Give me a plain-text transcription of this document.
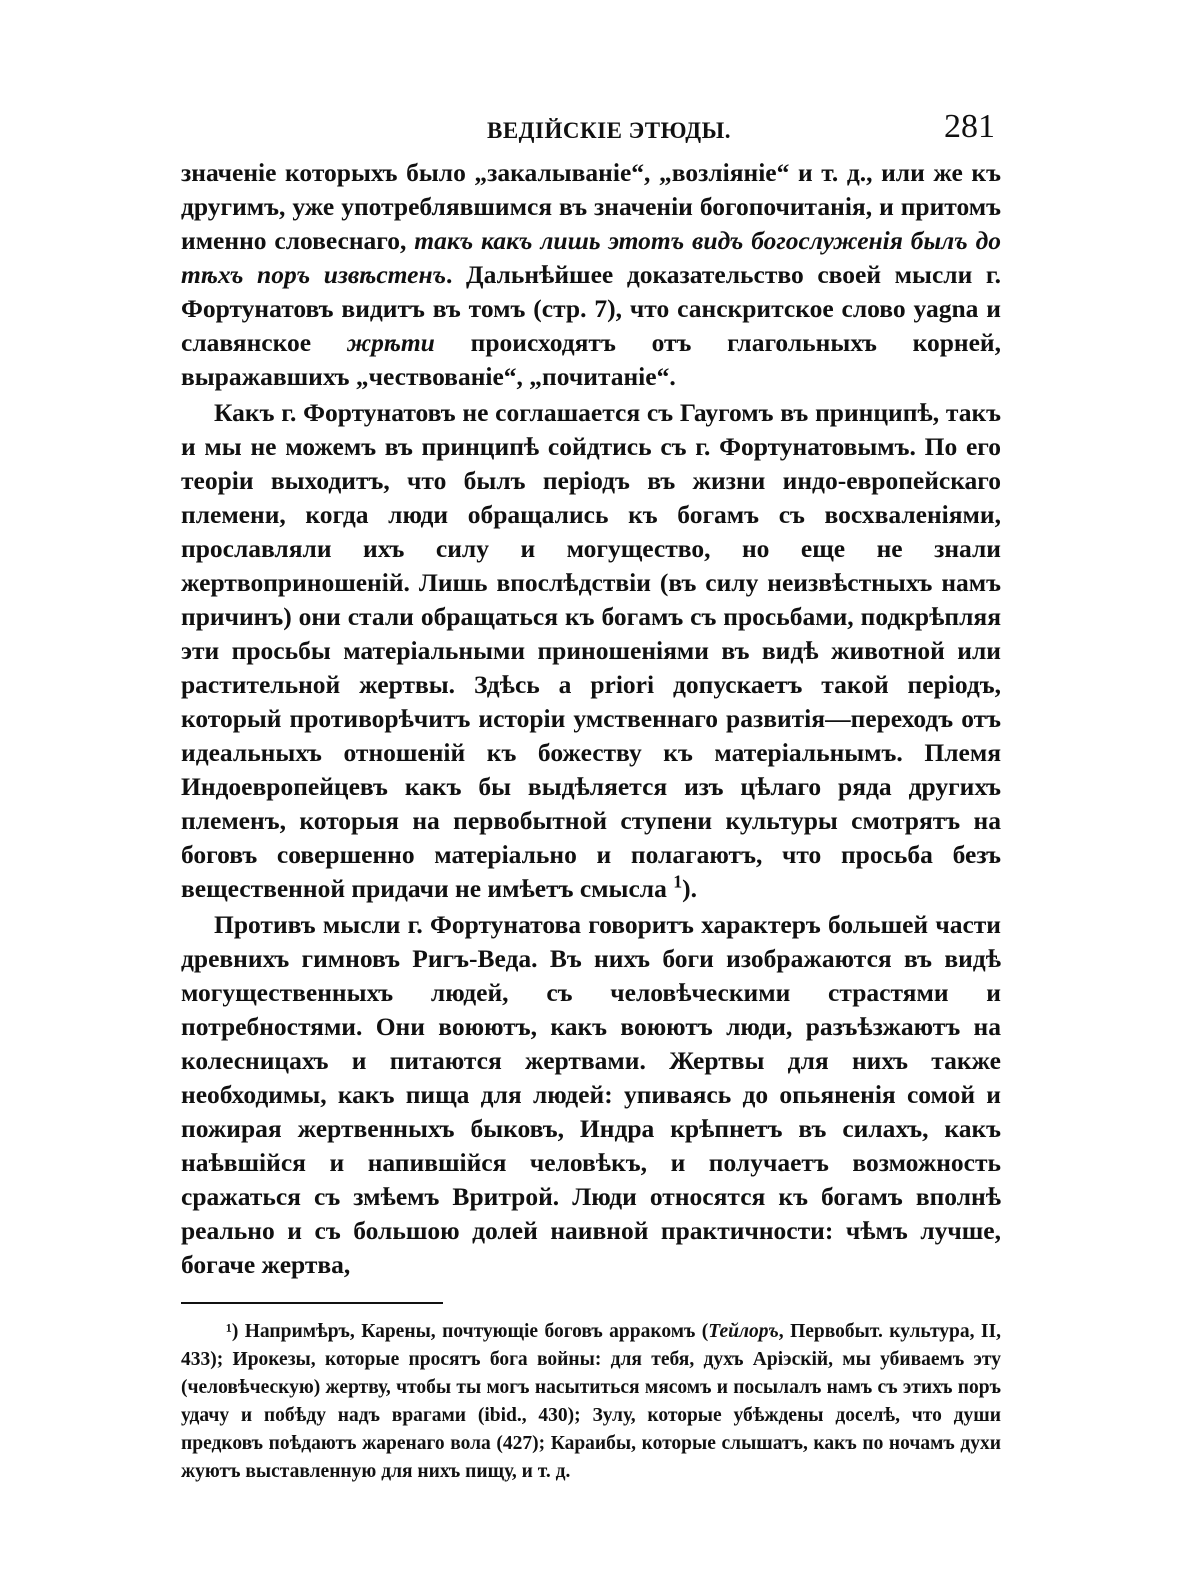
ВЕДІЙСКІЕ ЭТЮДЫ.	281

значеніе которыхъ было „закалываніе“, „возліяніе“ и т. д., или же къ другимъ, уже употреблявшимся въ значеніи богопочитанія, и притомъ именно словеснаго, такъ какъ лишь этотъ видъ богослуженія былъ до тѣхъ поръ извѣстенъ. Дальнѣйшее доказательство своей мысли г. Фортунатовъ видитъ въ томъ (стр. 7), что санскритское слово уаgna и славянское жрѣти происходятъ отъ глагольныхъ корней, выражавшихъ „чествованіе“, „почитаніе“.

Какъ г. Фортунатовъ не соглашается съ Гаугомъ въ принципѣ, такъ и мы не можемъ въ принципѣ сойдтись съ г. Фортунатовымъ. По его теоріи выходитъ, что былъ періодъ въ жизни индо-европейскаго племени, когда люди обращались къ богамъ съ восхваленіями, прославляли ихъ силу и могущество, но еще не знали жертвоприношеній. Лишь впослѣдствіи (въ силу неизвѣстныхъ намъ причинъ) они стали обращаться къ богамъ съ просьбами, подкрѣпляя эти просьбы матеріальными приношеніями въ видѣ животной или растительной жертвы. Здѣсь a priori допускаетъ такой періодъ, который противорѣчитъ исторіи умственнаго развитія—переходъ отъ идеальныхъ отношеній къ божеству къ матеріальнымъ. Племя Индоевропейцевъ какъ бы выдѣляется изъ цѣлаго ряда другихъ племенъ, которыя на первобытной ступени культуры смотрятъ на боговъ совершенно матеріально и полагаютъ, что просьба безъ вещественной придачи не имѣетъ смысла $^1$).

Противъ мысли г. Фортунатова говоритъ характеръ большей части древнихъ гимновъ Ригъ-Веда. Въ нихъ боги изображаются въ видѣ могущественныхъ людей, съ человѣческими страстями и потребностями. Они воюютъ, какъ воюютъ люди, разъѣзжаютъ на колесницахъ и питаются жертвами. Жертвы для нихъ также необходимы, какъ пища для людей: упиваясь до опьяненія сомой и пожирая жертвенныхъ быковъ, Индра крѣпнетъ въ силахъ, какъ наѣвшійся и напившійся человѣкъ, и получаетъ возможность сражаться съ змѣемъ Вритрой. Люди относятся къ богамъ вполнѣ реально и съ большою долей наивной практичности: чѣмъ лучше, богаче жертва,

¹) Напримѣръ, Карены, почтующіе боговъ арракомъ (Тейлоръ, Первобыт. культура, II, 433); Ирокезы, которые просятъ бога войны: для тебя, духъ Аріэскій, мы убиваемъ эту (человѣческую) жертву, чтобы ты могъ насытиться мясомъ и посылалъ намъ съ этихъ поръ удачу и побѣду надъ врагами (ibid., 430); Зулу, которые убѣждены доселѣ, что души предковъ поѣдаютъ жаренаго вола (427); Караибы, которые слышатъ, какъ по ночамъ духи жуютъ выставленную для нихъ пищу, и т. д.
